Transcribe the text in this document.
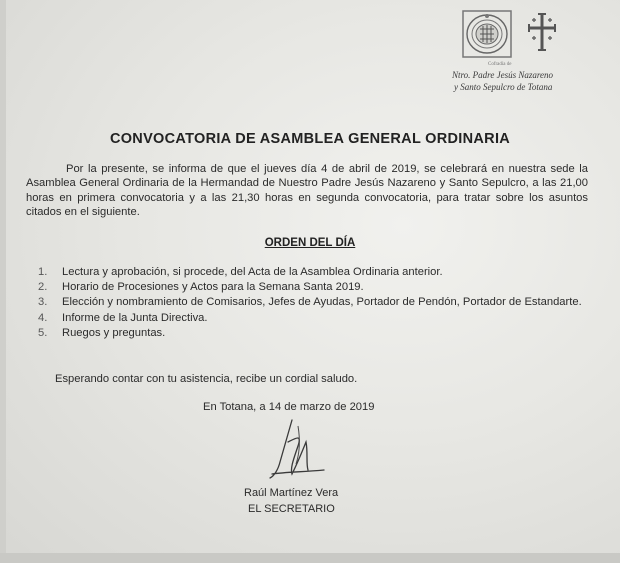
Cofradía de
Ntro. Padre Jesús Nazareno
y Santo Sepulcro de Totana
CONVOCATORIA DE ASAMBLEA GENERAL ORDINARIA
Por la presente, se informa de que el jueves día 4 de abril de 2019, se celebrará en nuestra sede la Asamblea General Ordinaria de la Hermandad de Nuestro Padre Jesús Nazareno y Santo Sepulcro, a las 21,00 horas en primera convocatoria y a las 21,30 horas en segunda convocatoria, para tratar sobre los asuntos citados en el siguiente.
ORDEN DEL DÍA
1. Lectura y aprobación, si procede, del Acta de la Asamblea Ordinaria anterior.
2. Horario de Procesiones y Actos para la Semana Santa 2019.
3. Elección y nombramiento de Comisarios, Jefes de Ayudas, Portador de Pendón, Portador de Estandarte.
4. Informe de la Junta Directiva.
5. Ruegos y preguntas.
Esperando contar con tu asistencia, recibe un cordial saludo.
En Totana, a 14 de marzo de 2019
Raúl Martínez Vera
EL SECRETARIO
